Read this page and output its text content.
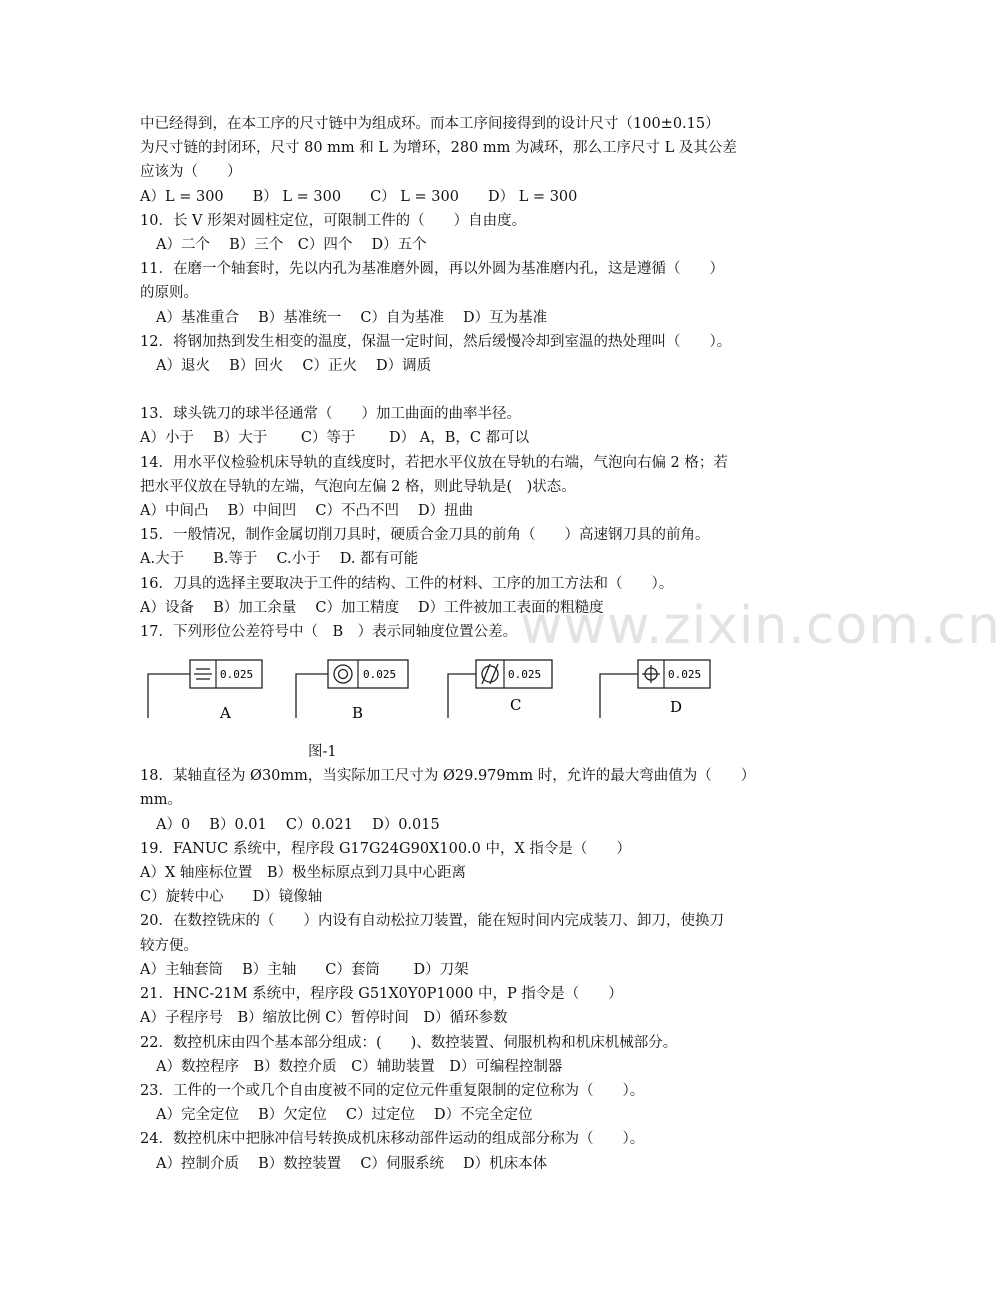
www.zixin.com.cn
中已经得到，在本工序的尺寸链中为组成环。而本工序间接得到的设计尺寸（100±0.15）
为尺寸链的封闭环，尺寸 80 mm 和 L 为增环，280 mm 为减环，那么工序尺寸 L 及其公差
应该为（　　）
A）L = 300　　B） L = 300　　C） L = 300　　D） L = 300
10．长 V 形架对圆柱定位，可限制工件的（　　）自由度。
A）二个　 B）三个　C）四个　 D）五个
11．在磨一个轴套时，先以内孔为基准磨外圆，再以外圆为基准磨内孔，这是遵循（　　）
的原则。
A）基准重合　 B）基准统一　 C）自为基准　 D）互为基准
12．将钢加热到发生相变的温度，保温一定时间，然后缓慢冷却到室温的热处理叫（　　）。
A）退火　 B）回火　 C）正火　 D）调质
13．球头铣刀的球半径通常（　　）加工曲面的曲率半径。
A）小于　 B）大于　　 C）等于　　 D） A，B，C 都可以
14．用水平仪检验机床导轨的直线度时，若把水平仪放在导轨的右端，气泡向右偏 2 格；若
把水平仪放在导轨的左端，气泡向左偏 2 格，则此导轨是(　)状态。
A）中间凸　 B）中间凹　 C）不凸不凹　 D）扭曲
15．一般情况，制作金属切削刀具时，硬质合金刀具的前角（　　）高速钢刀具的前角。
A.大于　　B.等于　 C.小于　 D. 都有可能
16．刀具的选择主要取决于工件的结构、工件的材料、工序的加工方法和（　　）。
A）设备　 B）加工余量　 C）加工精度　 D）工件被加工表面的粗糙度
17．下列形位公差符号中（　B　）表示同轴度位置公差。
0.025
A
0.025
B
0.025
C
0.025
D
图-1
18．某轴直径为 Ø30mm，当实际加工尺寸为 Ø29.979mm 时，允许的最大弯曲值为（　　）
mm。
A）0　 B）0.01　 C）0.021　 D）0.015
19．FANUC 系统中，程序段 G17G24G90X100.0 中，X 指令是（　　）
A）X 轴座标位置　B）极坐标原点到刀具中心距离
C）旋转中心　　D）镜像轴
20．在数控铣床的（　　）内设有自动松拉刀装置，能在短时间内完成装刀、卸刀，使换刀
较方便。
A）主轴套筒　 B）主轴　　C）套筒　　 D）刀架
21．HNC-21M 系统中，程序段 G51X0Y0P1000 中，P 指令是（　　）
A）子程序号　B）缩放比例 C）暂停时间　D）循环参数
22．数控机床由四个基本部分组成：(　　)、数控装置、伺服机构和机床机械部分。
A）数控程序　B）数控介质　C）辅助装置　D）可编程控制器
23．工件的一个或几个自由度被不同的定位元件重复限制的定位称为（　　）。
A）完全定位　 B）欠定位　 C）过定位　 D）不完全定位
24．数控机床中把脉冲信号转换成机床移动部件运动的组成部分称为（　　）。
A）控制介质　 B）数控装置　 C）伺服系统　 D）机床本体
